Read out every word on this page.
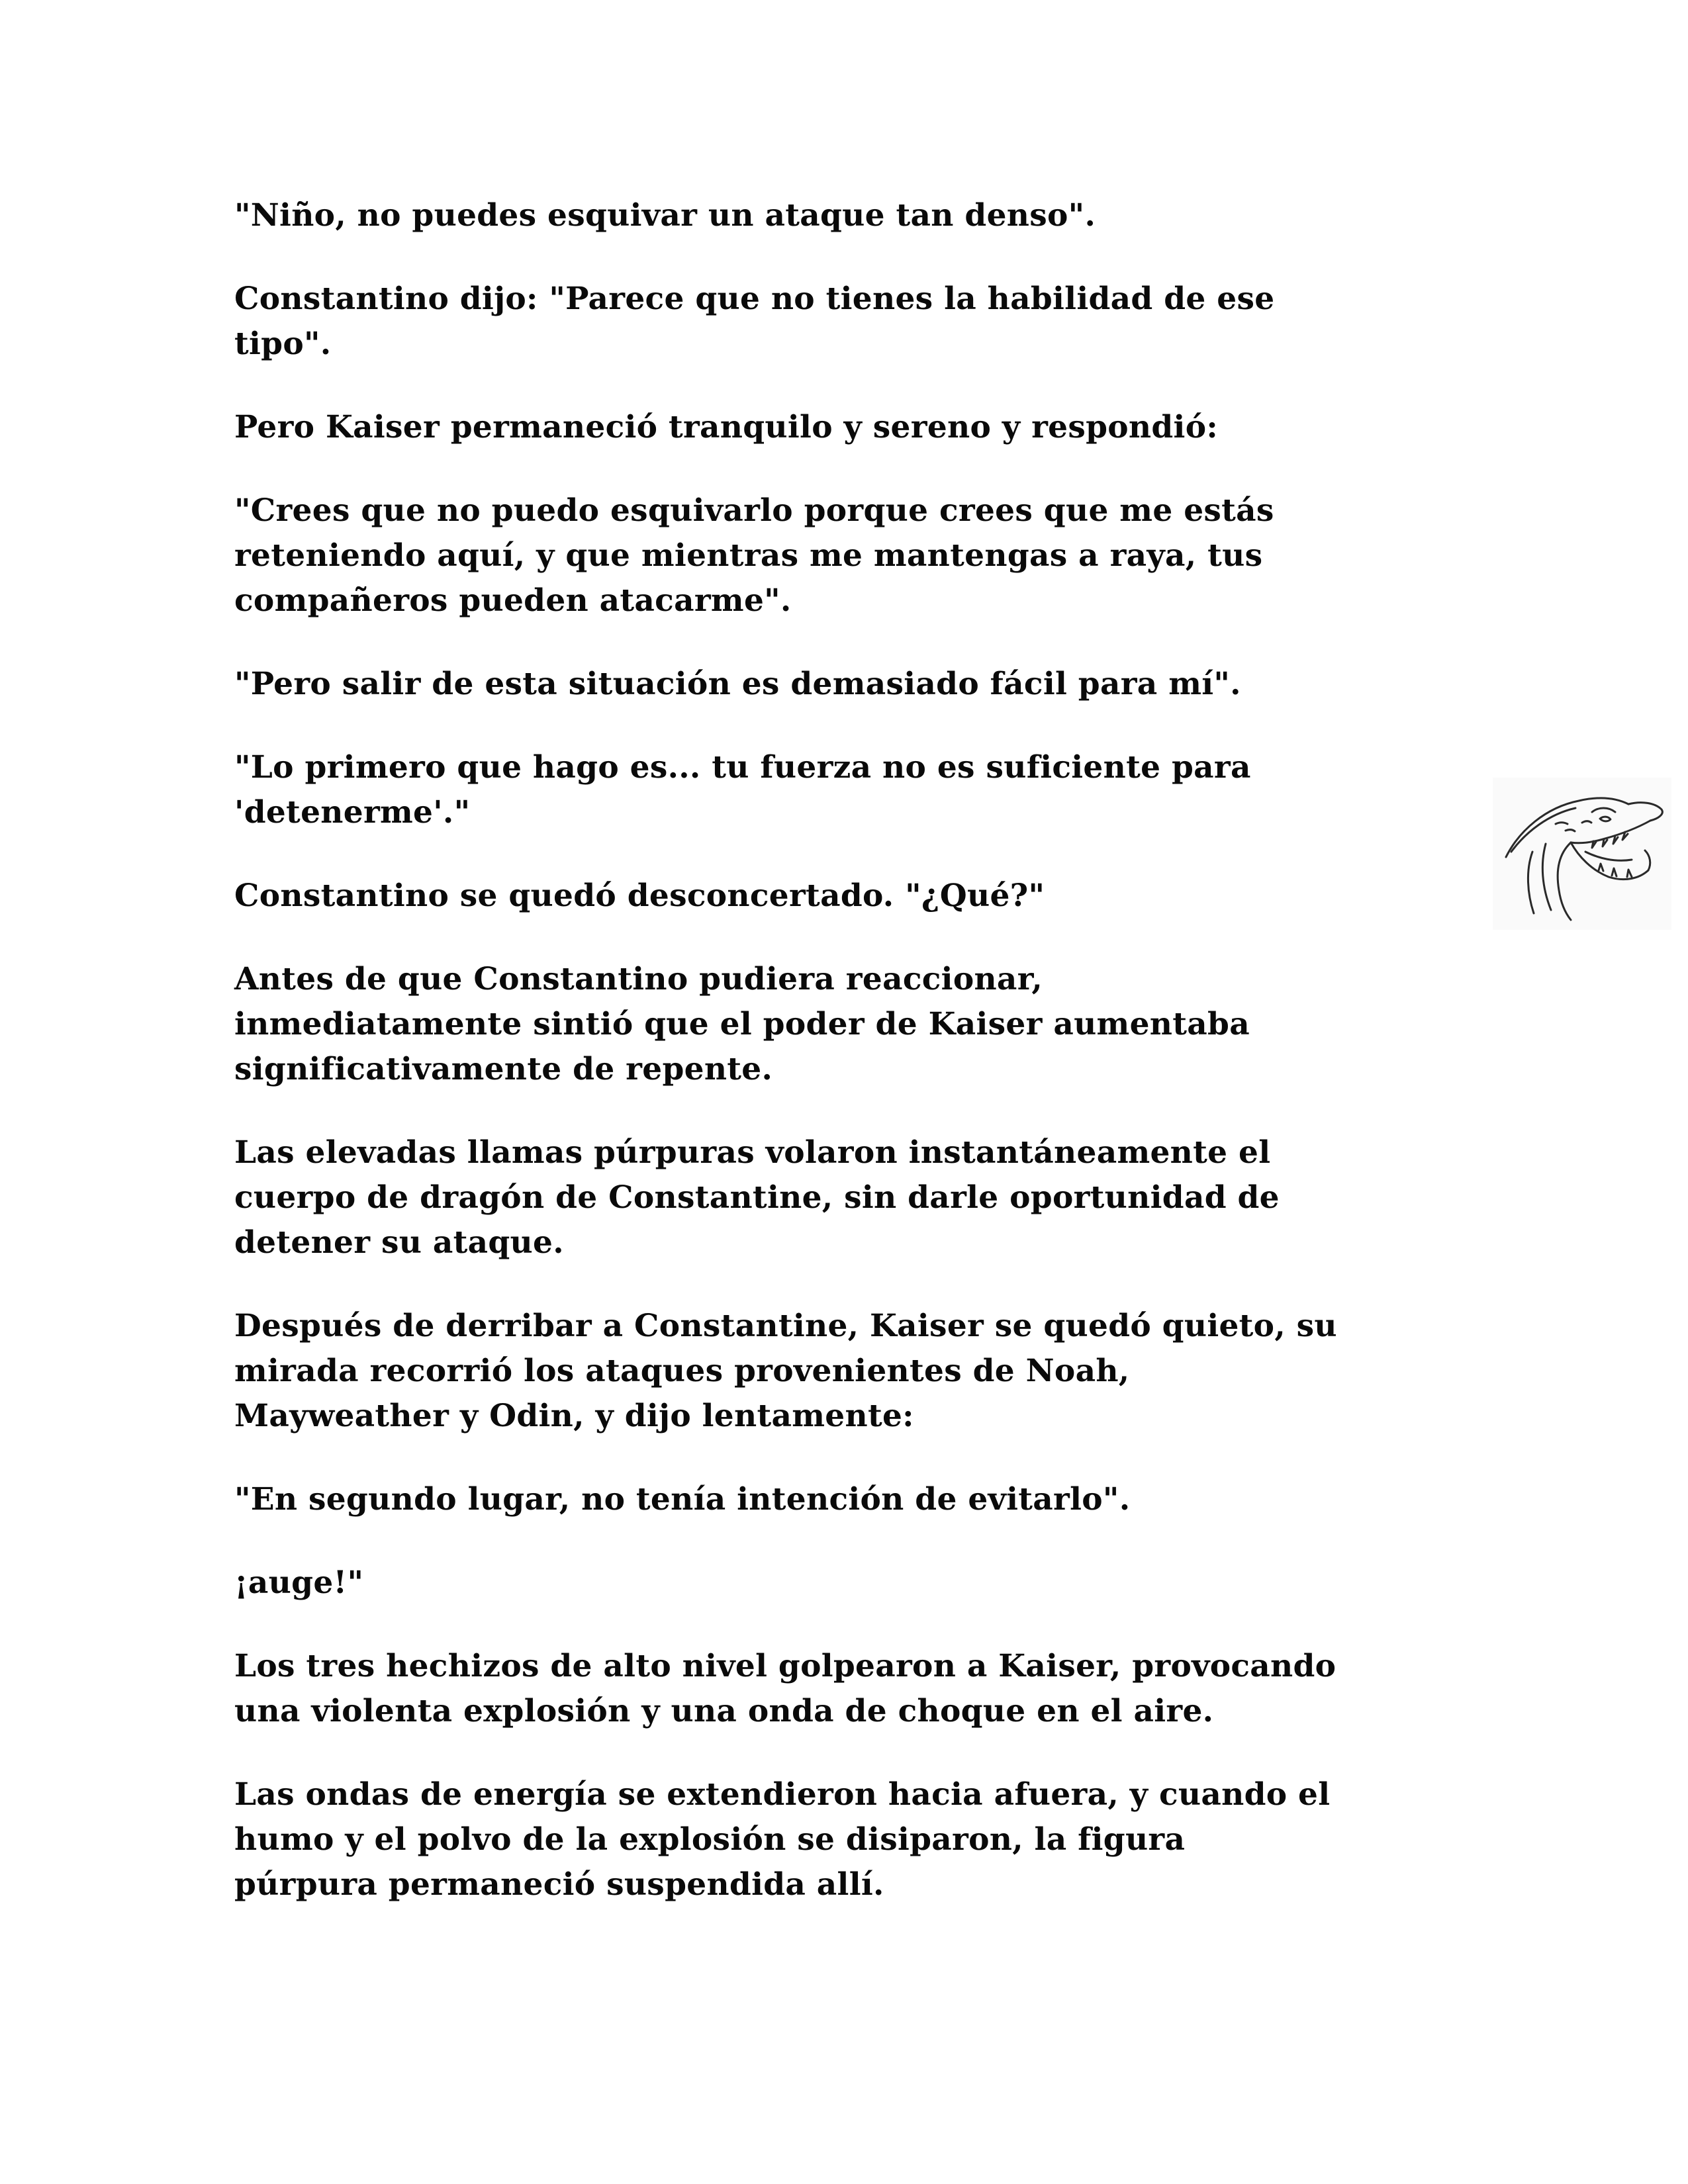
"Niño, no puedes esquivar un ataque tan denso".

Constantino dijo: "Parece que no tienes la habilidad de ese
tipo".

Pero Kaiser permaneció tranquilo y sereno y respondió:

"Crees que no puedo esquivarlo porque crees que me estás
reteniendo aquí, y que mientras me mantengas a raya, tus
compañeros pueden atacarme".

"Pero salir de esta situación es demasiado fácil para mí".

"Lo primero que hago es... tu fuerza no es suficiente para
'detenerme'."

Constantino se quedó desconcertado. "¿Qué?"

Antes de que Constantino pudiera reaccionar,
inmediatamente sintió que el poder de Kaiser aumentaba
significativamente de repente.

Las elevadas llamas púrpuras volaron instantáneamente el
cuerpo de dragón de Constantine, sin darle oportunidad de
detener su ataque.

Después de derribar a Constantine, Kaiser se quedó quieto, su
mirada recorrió los ataques provenientes de Noah,
Mayweather y Odin, y dijo lentamente:

"En segundo lugar, no tenía intención de evitarlo".

¡auge!"

Los tres hechizos de alto nivel golpearon a Kaiser, provocando
una violenta explosión y una onda de choque en el aire.

Las ondas de energía se extendieron hacia afuera, y cuando el
humo y el polvo de la explosión se disiparon, la figura
púrpura permaneció suspendida allí.
